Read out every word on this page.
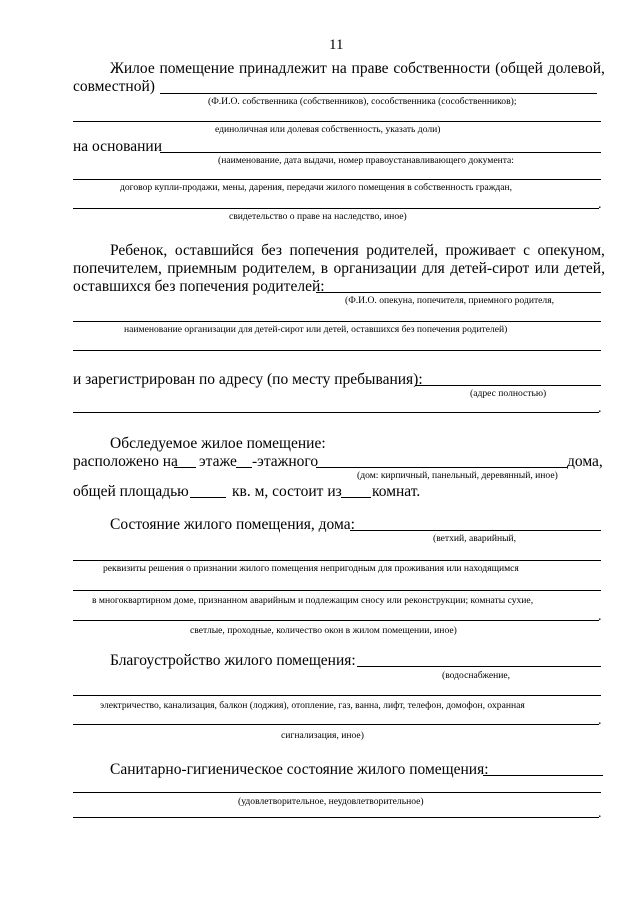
11
Жилое помещение принадлежит на праве собственности (общей долевой,
совместной)
(Ф.И.О. собственника (собственников), сособственника (сособственников);
единоличная или долевая собственность, указать доли)
на основании
(наименование, дата выдачи, номер правоустанавливающего документа:
договор купли-продажи, мены, дарения, передачи жилого помещения в собственность граждан,
.
свидетельство о праве на наследство, иное)
Ребенок, оставшийся без попечения родителей, проживает с опекуном,
попечителем, приемным родителем, в организации для детей-сирот или детей,
оставшихся без попечения родителей:
(Ф.И.О. опекуна, попечителя, приемного родителя,
наименование организации для детей-сирот или детей, оставшихся без попечения родителей)
и зарегистрирован по адресу (по месту пребывания):
(адрес полностью)
.
Обследуемое жилое помещение:
расположено на этаже -этажного	дома,
(дом: кирпичный, панельный, деревянный, иное)
общей площадью	кв. м, состоит из комнат.
Состояние жилого помещения, дома:
(ветхий, аварийный,
реквизиты решения о признании жилого помещения непригодным для проживания или находящимся
в многоквартирном доме, признанном аварийным и подлежащим сносу или реконструкции; комнаты сухие,
.
светлые, проходные, количество окон в жилом помещении, иное)
Благоустройство жилого помещения:
(водоснабжение,
электричество, канализация, балкон (лоджия), отопление, газ, ванна, лифт, телефон, домофон, охранная
.
сигнализация, иное)
Санитарно-гигиеническое состояние жилого помещения:
(удовлетворительное, неудовлетворительное)
.
